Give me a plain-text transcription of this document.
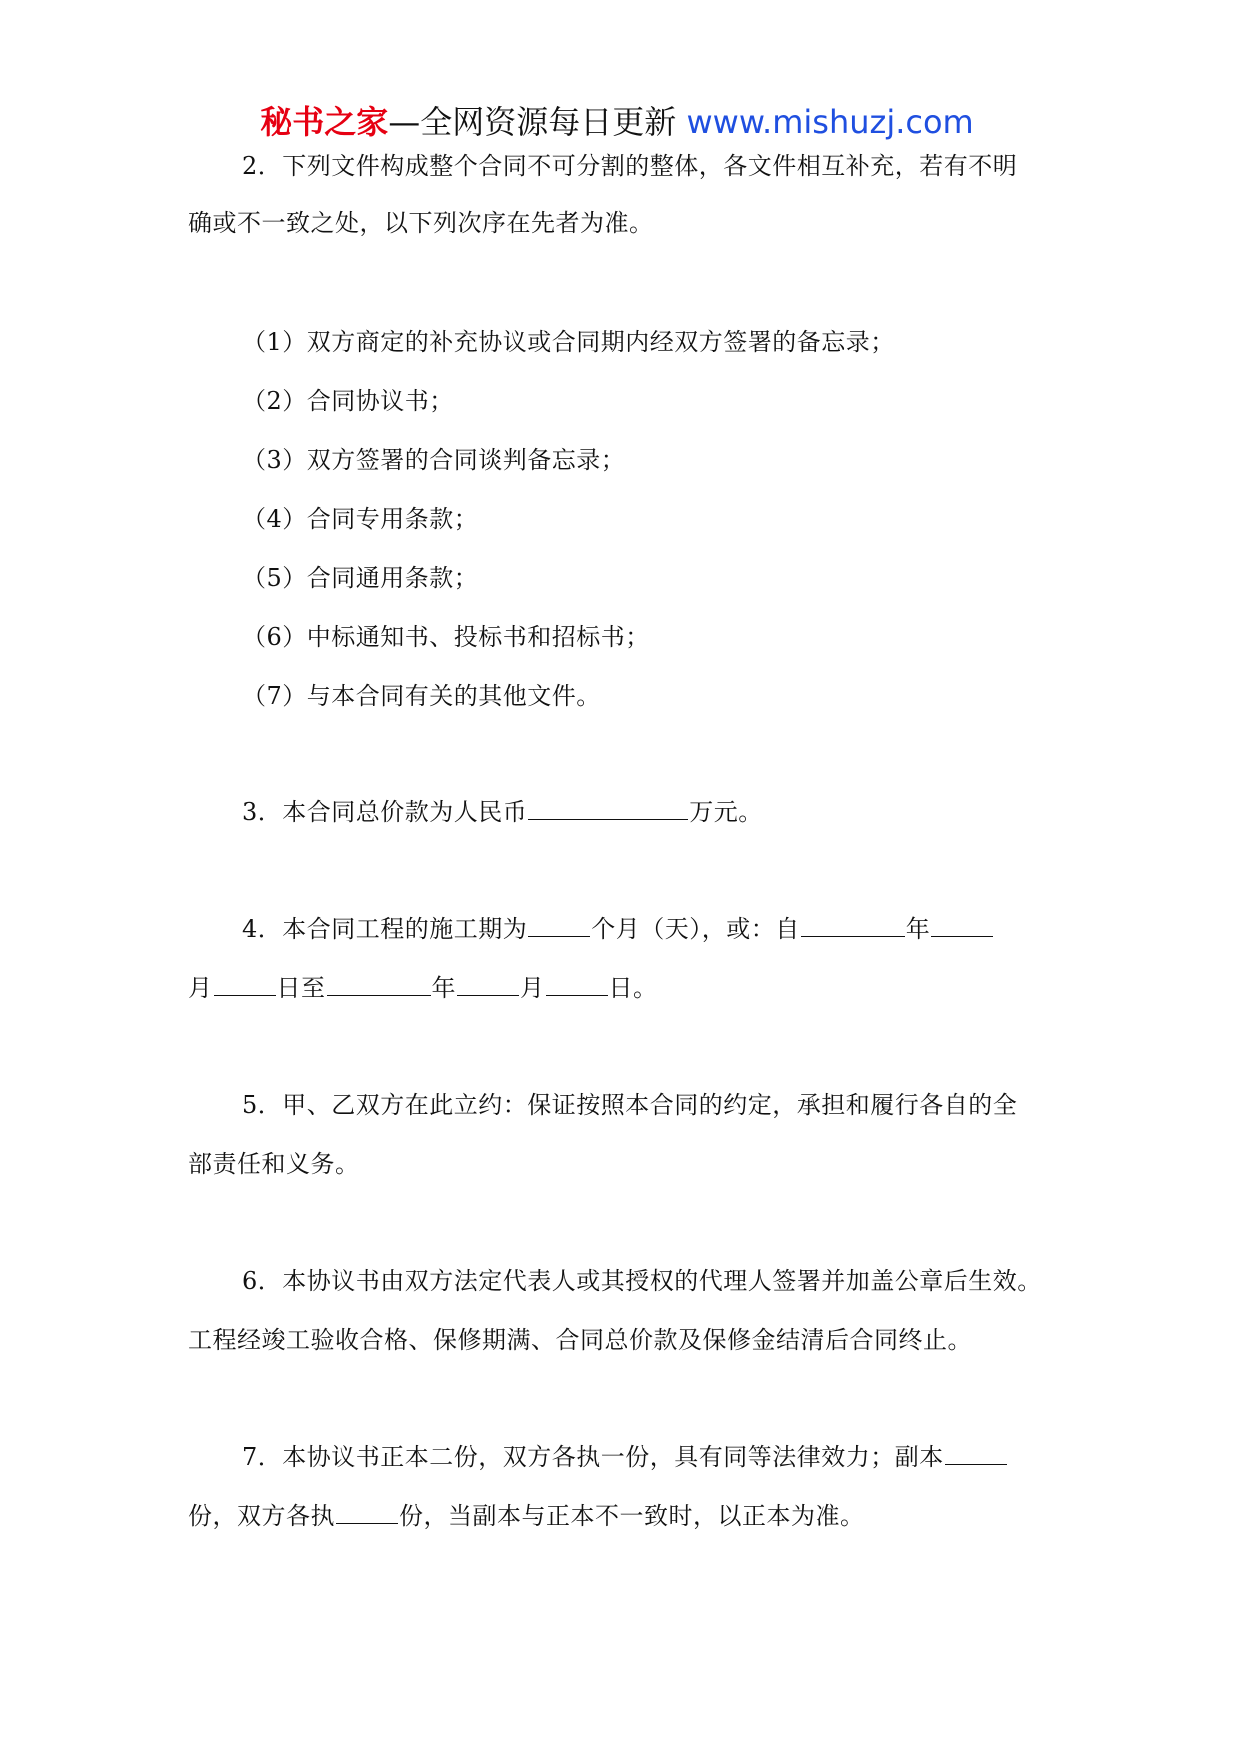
秘书之家—全网资源每日更新 www.mishuzj.com
2．下列文件构成整个合同不可分割的整体，各文件相互补充，若有不明
确或不一致之处，以下列次序在先者为准。
（1）双方商定的补充协议或合同期内经双方签署的备忘录；
（2）合同协议书；
（3）双方签署的合同谈判备忘录；
（4）合同专用条款；
（5）合同通用条款；
（6）中标通知书、投标书和招标书；
（7）与本合同有关的其他文件。
3．本合同总价款为人民币	万元。
4．本合同工程的施工期为	个月（天），或：自	年
月	日至	年	月	日。
5．甲、乙双方在此立约：保证按照本合同的约定，承担和履行各自的全
部责任和义务。
6．本协议书由双方法定代表人或其授权的代理人签署并加盖公章后生效。
工程经竣工验收合格、保修期满、合同总价款及保修金结清后合同终止。
7．本协议书正本二份，双方各执一份，具有同等法律效力；副本
份，双方各执	份，当副本与正本不一致时，以正本为准。
